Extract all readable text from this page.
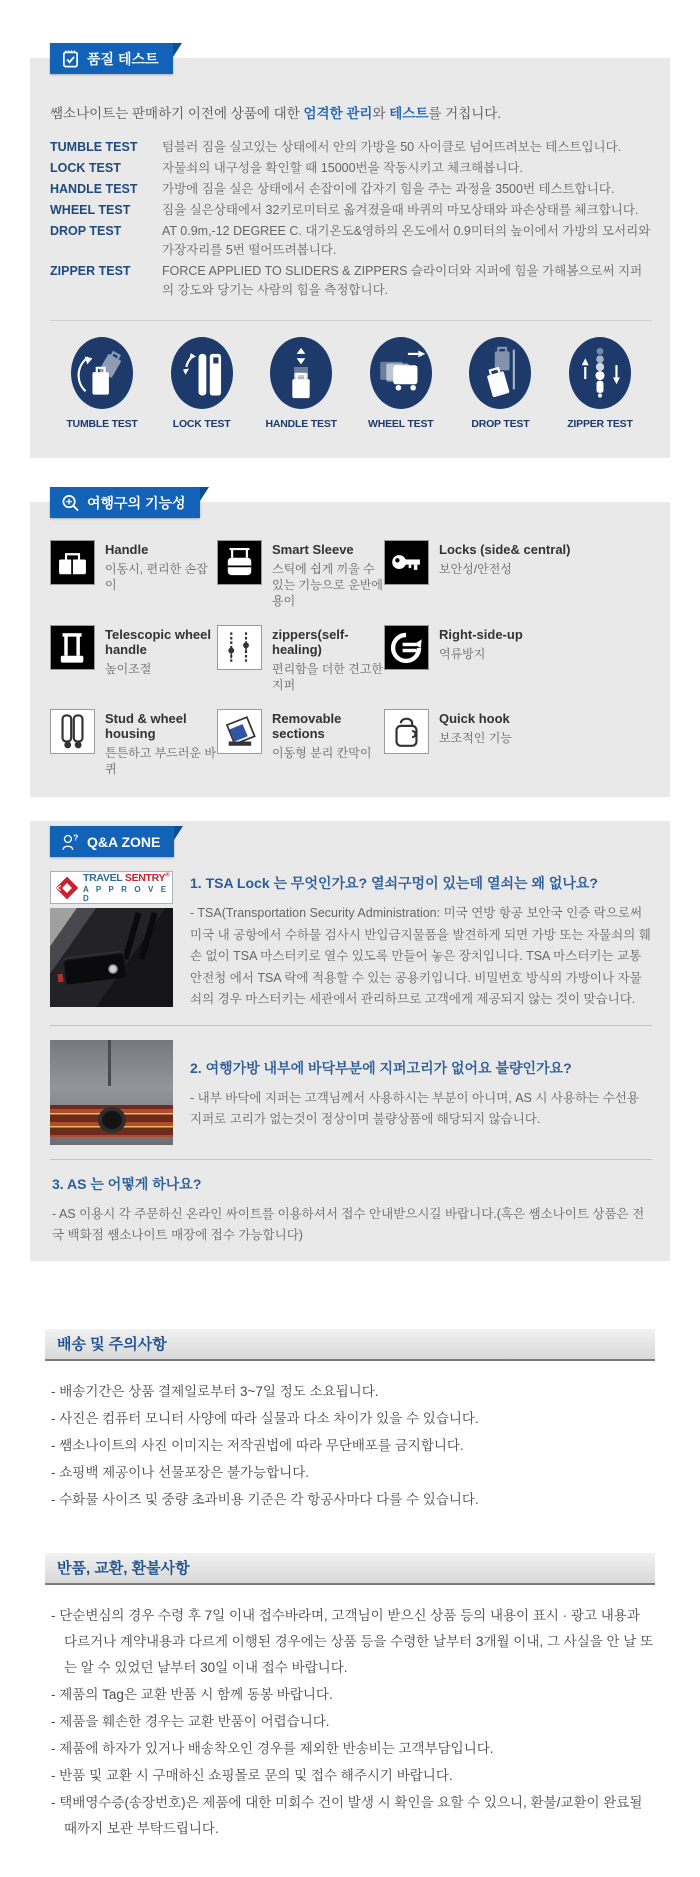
품질 테스트

쌤소나이트는 판매하기 이전에 상품에 대한 엄격한 관리와 테스트를 거칩니다.

TUMBLE TEST	텀블러 짐을 실고있는 상태에서 안의 가방을 50 사이클로 넘어뜨려보는 테스트입니다.
LOCK TEST	자물쇠의 내구성을 확인할 때 15000번을 작동시키고 체크해봅니다.
HANDLE TEST	가방에 짐을 실은 상태에서 손잡이에 갑자기 힘을 주는 과정을 3500번 테스트합니다.
WHEEL TEST	짐을 실은상태에서 32키로미터로 옮겨졌을때 바퀴의 마모상태와 파손상태를 체크합니다.
DROP TEST	AT 0.9m,-12 DEGREE C. 대기온도&영하의 온도에서 0.9미터의 높이에서 가방의 모서리와 가장자리를 5번 떨어뜨려봅니다.
ZIPPER TEST	FORCE APPLIED TO SLIDERS & ZIPPERS 슬라이더와 지퍼에 힘을 가해봄으로써 지퍼의 강도와 당기는 사람의 힘을 측정합니다.
TUMBLE TEST	LOCK TEST	HANDLE TEST	WHEEL TEST	DROP TEST	ZIPPER TEST
여행구의 기능성
Handle
이동시, 편리한 손잡이
Smart Sleeve
스틱에 쉽게 끼울 수 있는 기능으로 운반에 용이
Locks (side& central)
보안성/안전성
Telescopic wheel handle
높이조절
zippers(self-healing)
편리함을 더한 견고한 지퍼
Right-side-up
역류방지
Stud & wheel housing
튼튼하고 부드러운 바퀴
Removable sections
이동형 분리 칸막이
Quick hook
보조적인 기능
? Q&A ZONE
TRAVEL SENTRY®
A P P R O V E D
1. TSA Lock 는 무엇인가요? 열쇠구멍이 있는데 열쇠는 왜 없나요?

- TSA(Transportation Security Administration: 미국 연방 항공 보안국 인증 락으로써 미국 내 공항에서 수하물 검사시 반입금지물품을 발견하게 되면 가방 또는 자물쇠의 훼손 없이 TSA 마스터키로 열수 있도록 만들어 놓은 장치입니다. TSA 마스터키는 교통안전청 에서 TSA 락에 적용할 수 있는 공용키입니다. 비밀번호 방식의 가방이나 자물쇠의 경우 마스터키는 세관에서 관리하므로 고객에게 제공되지 않는 것이 맞습니다.

2. 여행가방 내부에 바닥부분에 지퍼고리가 없어요 불량인가요?

- 내부 바닥에 지퍼는 고객님께서 사용하시는 부분이 아니며, AS 시 사용하는 수선용 지퍼로 고리가 없는것이 정상이며 불량상품에 해당되지 않습니다.

3. AS 는 어떻게 하나요?

- AS 이용시 각 주문하신 온라인 싸이트를 이용하셔서 접수 안내받으시길 바랍니다.(혹은 쌤소나이트 상품은 전국 백화점 쌤소나이트 매장에 접수 가능합니다)

배송 및 주의사항
- 배송기간은 상품 결제일로부터 3~7일 정도 소요됩니다.
- 사진은 컴퓨터 모니터 사양에 따라 실물과 다소 차이가 있을 수 있습니다.
- 쌤소나이트의 사진 이미지는 저작권법에 따라 무단배포를 금지합니다.
- 쇼핑백 제공이나 선물포장은 불가능합니다.
- 수화물 사이즈 및 중량 초과비용 기준은 각 항공사마다 다를 수 있습니다.
반품, 교환, 환불사항
- 단순변심의 경우 수령 후 7일 이내 접수바라며, 고객님이 받으신 상품 등의 내용이 표시 · 광고 내용과 다르거나 계약내용과 다르게 이행된 경우에는 상품 등을 수령한 날부터 3개월 이내, 그 사실을 안 날 또는 알 수 있었던 날부터 30일 이내 접수 바랍니다.
- 제품의 Tag은 교환 반품 시 함께 동봉 바랍니다.
- 제품을 훼손한 경우는 교환 반품이 어렵습니다.
- 제품에 하자가 있거나 배송착오인 경우를 제외한 반송비는 고객부담입니다.
- 반품 및 교환 시 구매하신 쇼핑몰로 문의 및 접수 해주시기 바랍니다.
- 택배영수증(송장번호)은 제품에 대한 미회수 건이 발생 시 확인을 요할 수 있으니, 환불/교환이 완료될 때까지 보관 부탁드립니다.
